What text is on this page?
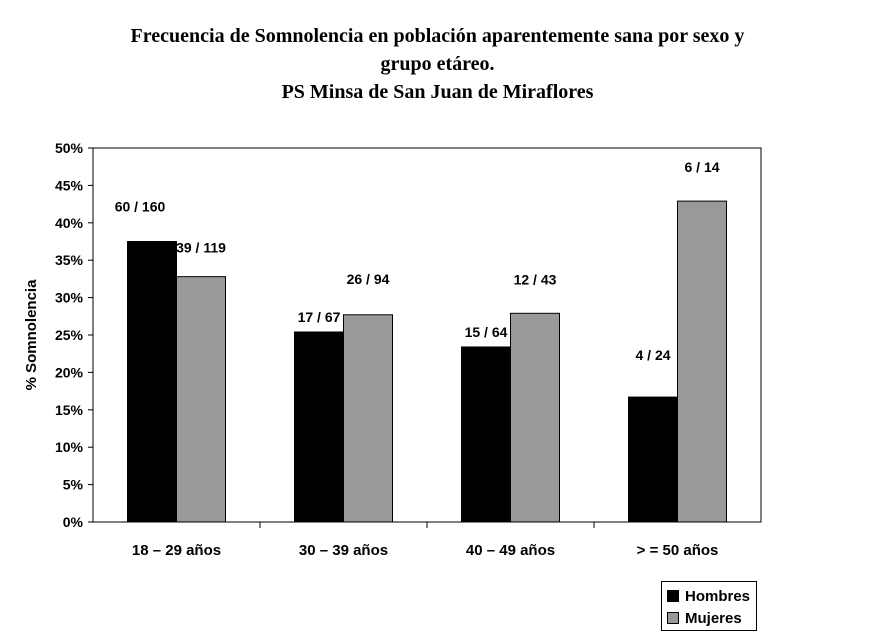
Frecuencia de Somnolencia en población aparentemente sana por sexo y
grupo etáreo.
PS Minsa de San Juan de Miraflores
0%
5%
10%
15%
20%
25%
30%
35%
40%
45%
50%
60 / 160
39 / 119
17 / 67
26 / 94
15 / 64
12 / 43
4 / 24
6 / 14
18 – 29 años	30 – 39 años	40 – 49 años	> = 50 años
% Somnolencia
Hombres
Mujeres
